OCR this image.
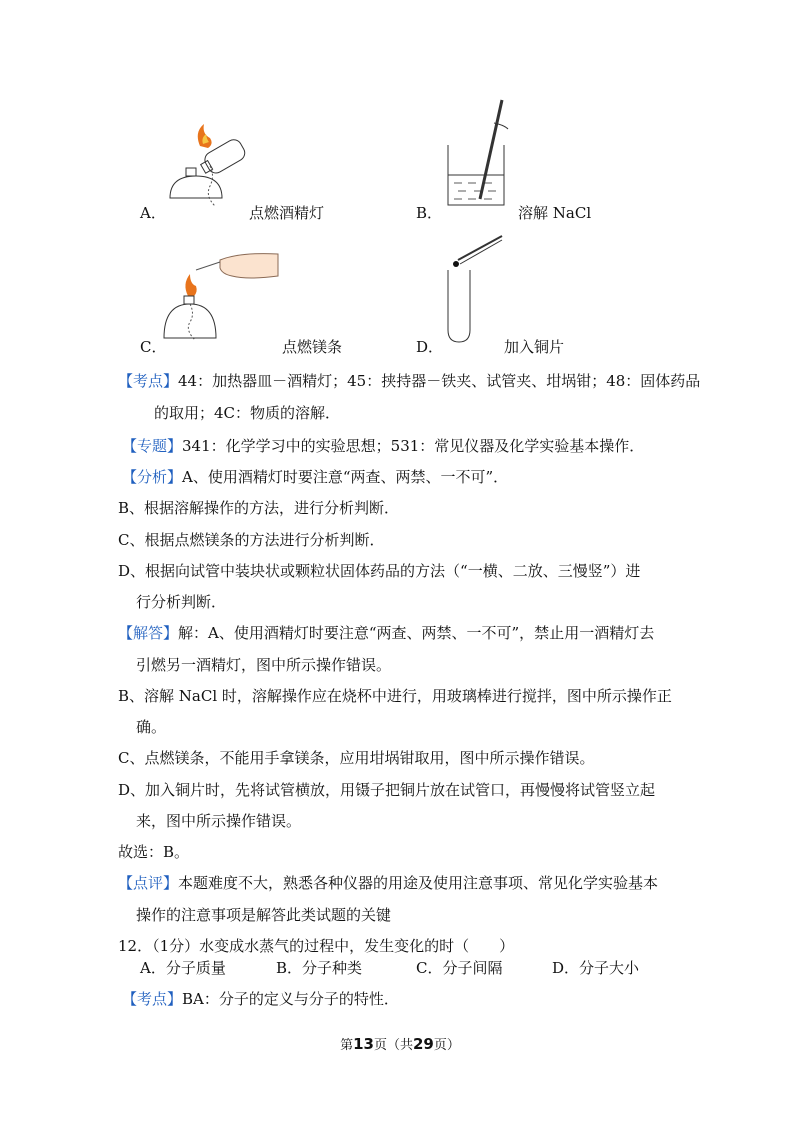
A．	点燃酒精灯	B．	溶解 NaCl
C．	点燃镁条	D．	加入铜片
【考点】44：加热器皿－酒精灯；45：挟持器－铁夹、试管夹、坩埚钳；48：固体药品
的取用；4C：物质的溶解．
【专题】341：化学学习中的实验思想；531：常见仪器及化学实验基本操作．
【分析】A、使用酒精灯时要注意“两查、两禁、一不可”．
B、根据溶解操作的方法，进行分析判断．
C、根据点燃镁条的方法进行分析判断．
D、根据向试管中装块状或颗粒状固体药品的方法（“一横、二放、三慢竖”）进
行分析判断．
【解答】解：A、使用酒精灯时要注意“两查、两禁、一不可”，禁止用一酒精灯去
引燃另一酒精灯，图中所示操作错误。
B、溶解 NaCl 时，溶解操作应在烧杯中进行，用玻璃棒进行搅拌，图中所示操作正
确。
C、点燃镁条，不能用手拿镁条，应用坩埚钳取用，图中所示操作错误。
D、加入铜片时，先将试管横放，用镊子把铜片放在试管口，再慢慢将试管竖立起
来，图中所示操作错误。
故选：B。
【点评】本题难度不大，熟悉各种仪器的用途及使用注意事项、常见化学实验基本
操作的注意事项是解答此类试题的关键
12．（1分）水变成水蒸气的过程中，发生变化的时（　　）
A．分子质量	B．分子种类	C．分子间隔	D．分子大小
【考点】BA：分子的定义与分子的特性．
第13页（共29页）
